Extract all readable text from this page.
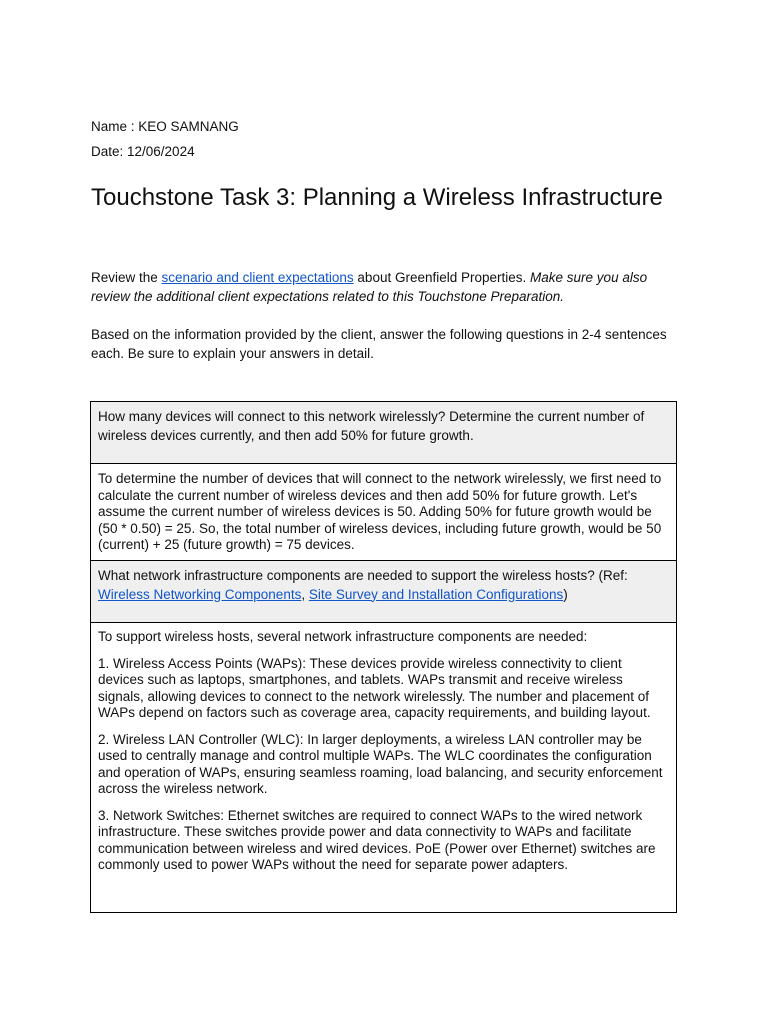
Name : KEO SAMNANG
Date: 12/06/2024
Touchstone Task 3: Planning a Wireless Infrastructure

Review the scenario and client expectations about Greenfield Properties. Make sure you also review the additional client expectations related to this Touchstone Preparation.

Based on the information provided by the client, answer the following questions in 2-4 sentences each. Be sure to explain your answers in detail.

How many devices will connect to this network wirelessly? Determine the current number of wireless devices currently, and then add 50% for future growth.
To determine the number of devices that will connect to the network wirelessly, we first need to calculate the current number of wireless devices and then add 50% for future growth. Let's assume the current number of wireless devices is 50. Adding 50% for future growth would be (50 * 0.50) = 25. So, the total number of wireless devices, including future growth, would be 50 (current) + 25 (future growth) = 75 devices.
What network infrastructure components are needed to support the wireless hosts? (Ref: Wireless Networking Components, Site Survey and Installation Configurations)

To support wireless hosts, several network infrastructure components are needed:

1. Wireless Access Points (WAPs): These devices provide wireless connectivity to client devices such as laptops, smartphones, and tablets. WAPs transmit and receive wireless signals, allowing devices to connect to the network wirelessly. The number and placement of WAPs depend on factors such as coverage area, capacity requirements, and building layout.

2. Wireless LAN Controller (WLC): In larger deployments, a wireless LAN controller may be used to centrally manage and control multiple WAPs. The WLC coordinates the configuration and operation of WAPs, ensuring seamless roaming, load balancing, and security enforcement across the wireless network.

3. Network Switches: Ethernet switches are required to connect WAPs to the wired network infrastructure. These switches provide power and data connectivity to WAPs and facilitate communication between wireless and wired devices. PoE (Power over Ethernet) switches are commonly used to power WAPs without the need for separate power adapters.
